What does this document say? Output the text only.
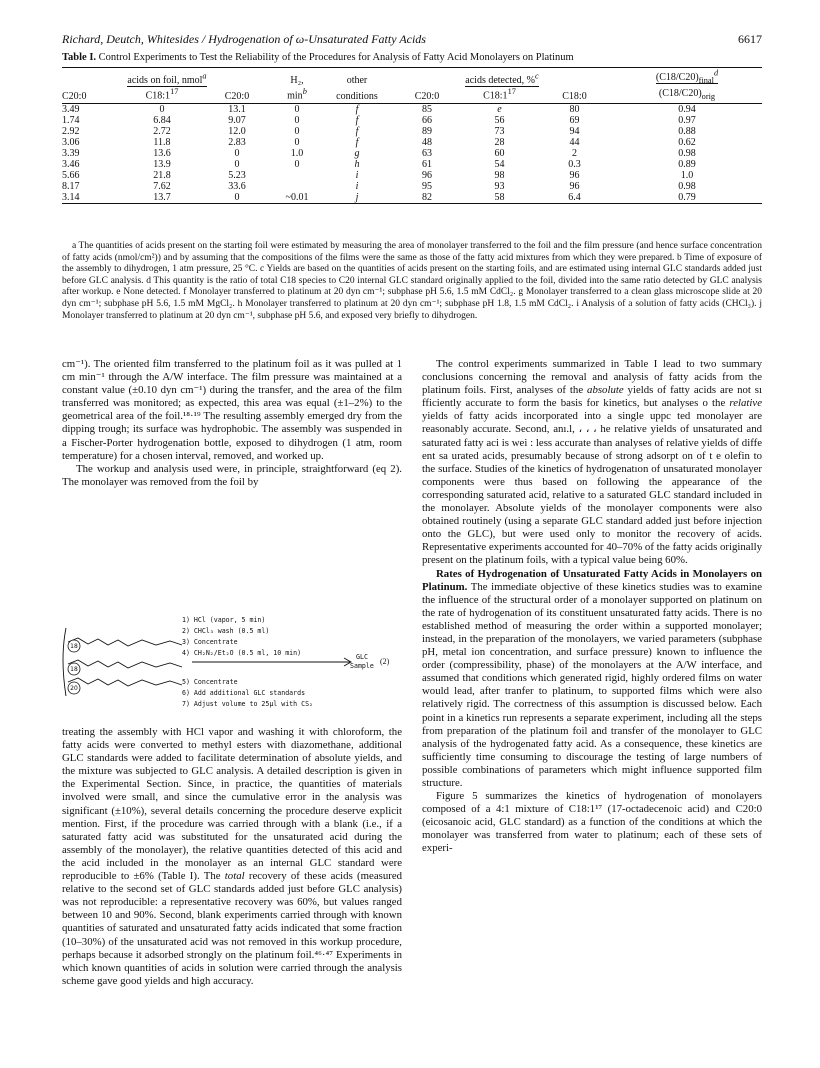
Richard, Deutch, Whitesides / Hydrogenation of ω-Unsaturated Fatty Acids	6617
Table I. Control Experiments to Test the Reliability of the Procedures for Analysis of Fatty Acid Monolayers on Platinum

acids on foil, nmol$^a$			H₂,	other	acids detected, %$^c$			$(C18/C20)_{final}^d$
C20:0	$C18:1^{17}$	C20:0	$\min^b$	conditions	C20:0	$C18:1^{17}$	C18:0	$(C18/C20)_{orig}$
3.49	0	13.1	0	f	85	e	80	0.94
1.74	6.84	9.07	0	f	66	56	69	0.97
2.92	2.72	12.0	0	f	89	73	94	0.88
3.06	11.8	2.83	0	f	48	28	44	0.62
3.39	13.6	0	1.0	g	63	60	2	0.98
3.46	13.9	0	0	h	61	54	0.3	0.89
5.66	21.8	5.23		i	96	98	96	1.0
8.17	7.62	33.6		i	95	93	96	0.98
3.14	13.7	0	~0.01	j	82	58	6.4	0.79
a The quantities of acids present on the starting foil were estimated by measuring the area of monolayer transferred to the foil and the film pressure (and hence surface concentration of fatty acids (nmol/cm²)) and by assuming that the compositions of the films were the same as those of the fatty acid mixtures from which they were prepared. b Time of exposure of the assembly to dihydrogen, 1 atm pressure, 25 °C. c Yields are based on the quantities of acids present on the starting foils, and are estimated using internal GLC standards added just before GLC analysis. d This quantity is the ratio of total C18 species to C20 internal GLC standard originally applied to the foil, divided into the same ratio detected by GLC analysis after workup. e None detected. f Monolayer transferred to platinum at 20 dyn cm⁻¹; subphase pH 5.6, 1.5 mM CdCl₂. g Monolayer transferred to a clean glass microscope slide at 20 dyn cm⁻¹; subphase pH 5.6, 1.5 mM MgCl₂. h Monolayer transferred to platinum at 20 dyn cm⁻¹; subphase pH 1.8, 1.5 mM CdCl₂. i Analysis of a solution of fatty acids (CHCl₃). j Monolayer transferred to platinum at 20 dyn cm⁻¹, subphase pH 5.6, and exposed very briefly to dihydrogen.

cm⁻¹). The oriented film transferred to the platinum foil as it was pulled at 1 cm min⁻¹ through the A/W interface. The film pressure was maintained at a constant value (±0.10 dyn cm⁻¹) during the transfer, and the area of the film transferred was monitored; as expected, this area was equal (±1–2%) to the geometrical area of the foil.¹⁸·¹⁹ The resulting assembly emerged dry from the dipping trough; its surface was hydrophobic. The assembly was suspended in a Fischer-Porter hydrogenation bottle, exposed to dihydrogen (1 atm, room temperature) for a chosen interval, removed, and worked up.

The workup and analysis used were, in principle, straightforward (eq 2). The monolayer was removed from the foil by

18
18
20
1) HCl (vapor, 5 min)
2) CHCl₃ wash (0.5 ml)
3) Concentrate
4) CH₂N₂/Et₂O (0.5 ml, 10 min)
5) Concentrate
6) Add additional GLC standards
7) Adjust volume to 25μl with CS₂
GLC
Sample (2)

treating the assembly with HCl vapor and washing it with chloroform, the fatty acids were converted to methyl esters with diazomethane, additional GLC standards were added to facilitate determination of absolute yields, and the mixture was subjected to GLC analysis. A detailed description is given in the Experimental Section. Since, in practice, the quantities of materials involved were small, and since the cumulative error in the analysis was significant (±10%), several details concerning the procedure deserve explicit mention. First, if the procedure was carried through with a blank (i.e., if a saturated fatty acid was substituted for the unsaturated acid during the assembly of the monolayer), the relative quantities detected of this acid and the acid included in the monolayer as an internal GLC standard were reproducible to ±6% (Table I). The total recovery of these acids (measured relative to the second set of GLC standards added just before GLC analysis) was not reproducible: a representative recovery was 60%, but values ranged between 10 and 90%. Second, blank experiments carried through with known quantities of saturated and unsaturated fatty acids indicated that some fraction (10–30%) of the unsaturated acid was not removed in this workup procedure, perhaps because it adsorbed strongly on the platinum foil.⁴⁶·⁴⁷ Experiments in which known quantities of acids in solution were carried through the analysis scheme gave good yields and high accuracy.

The control experiments summarized in Table I lead to two summary conclusions concerning the removal and analysis of fatty acids from the platinum foils. First, analyses of the absolute yields of fatty acids are not sı fficiently accurate to form the basis for kinetics, but analyses o the relative yields of fatty acids incorporated into a single uppc ted monolayer are reasonably accurate. Second, anı.l, ، ، ، he relative yields of unsaturated and saturated fatty aci is wei : less accurate than analyses of relative yields of diffe ent sa urated acids, presumably because of strong adsorpt on of t e olefin to the surface. Studies of the kinetics of hydrogenatıon of unsaturated monolayer components were thus based on following the appearance of the corresponding saturated acid, relative to a saturated GLC standard included in the monolayer. Absolute yields of the monolayer components were also obtained routinely (using a separate GLC standard added just before injection onto the GLC), but were used only to monitor the recovery of acids. Representative experiments accounted for 40–70% of the fatty acids originally present on the platinum foils, with a typical value being 60%.

Rates of Hydrogenation of Unsaturated Fatty Acids in Monolayers on Platinum. The immediate objective of these kinetics studies was to examine the influence of the structural order of a monolayer supported on platinum on the rate of hydrogenation of its constituent unsaturated fatty acids. There is no established method of measuring the order within a supported monolayer; instead, in the preparation of the monolayers, we varied parameters (subphase pH, metal ion concentration, and surface pressure) known to influence the order (compressibility, phase) of the monolayers at the A/W interface, and assumed that conditions which generated rigid, highly ordered films on water would lead, after tranfer to platinum, to supported films which were also relatively rigid. The correctness of this assumption is discussed below. Each point in a kinetics run represents a separate experiment, including all the steps from preparation of the platinum foil and transfer of the monolayer to GLC analysis of the hydrogenated fatty acid. As a consequence, these kinetics are sufficiently time consuming to discourage the testing of large numbers of possible combinations of parameters which might influence supported film structure.

Figure 5 summarizes the kinetics of hydrogenation of monolayers composed of a 4:1 mixture of C18:1¹⁷ (17-octadecenoic acid) and C20:0 (eicosanoic acid, GLC standard) as a function of the conditions at which the monolayer was transferred from water to platinum; each of these sets of experi-
